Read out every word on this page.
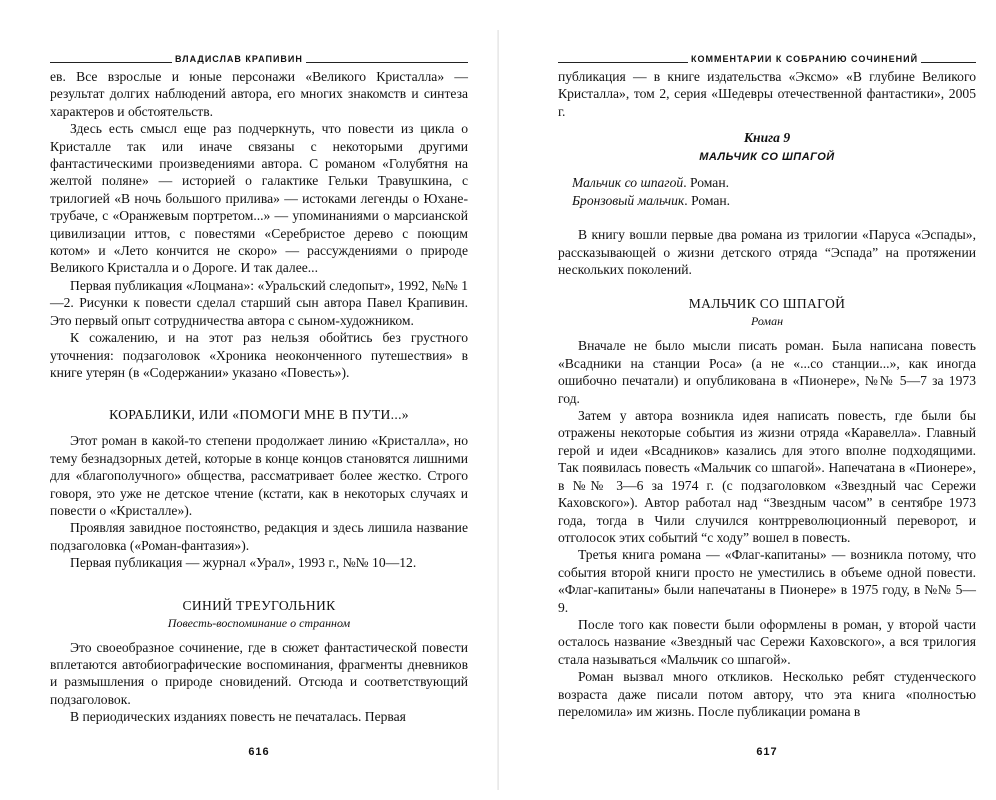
ВЛАДИСЛАВ КРАПИВИН

ев. Все взрослые и юные персонажи «Великого Кристалла» — результат долгих наблюдений автора, его многих знакомств и синтеза характеров и обстоятельств.

Здесь есть смысл еще раз подчеркнуть, что повести из цикла о Кристалле так или иначе связаны с некоторыми другими фантастическими произведениями автора. С романом «Голубятня на желтой поляне» — историей о галактике Гельки Травушкина, с трилогией «В ночь большого прилива» — истоками легенды о Юхане-трубаче, с «Оранжевым портретом...» — упоминаниями о марсианской цивилизации иттов, с повестями «Серебристое дерево с поющим котом» и «Лето кончится не скоро» — рассуждениями о природе Великого Кристалла и о Дороге. И так далее...

Первая публикация «Лоцмана»: «Уральский следопыт», 1992, №№ 1—2. Рисунки к повести сделал старший сын автора Павел Крапивин. Это первый опыт сотрудничества автора с сыном-художником.

К сожалению, и на этот раз нельзя обойтись без грустного уточнения: подзаголовок «Хроника неоконченного путешествия» в книге утерян (в «Содержании» указано «Повесть»).

КОРАБЛИКИ, ИЛИ «ПОМОГИ МНЕ В ПУТИ...»

Этот роман в какой-то степени продолжает линию «Кристалла», но тему безнадзорных детей, которые в конце концов становятся лишними для «благополучного» общества, рассматривает более жестко. Строго говоря, это уже не детское чтение (кстати, как в некоторых случаях и повести о «Кристалле»).

Проявляя завидное постоянство, редакция и здесь лишила название подзаголовка («Роман-фантазия»).

Первая публикация — журнал «Урал», 1993 г., №№ 10—12.

СИНИЙ ТРЕУГОЛЬНИК
Повесть-воспоминание о странном

Это своеобразное сочинение, где в сюжет фантастической повести вплетаются автобиографические воспоминания, фрагменты дневников и размышления о природе сновидений. Отсюда и соответствующий подзаголовок.

В периодических изданиях повесть не печаталась. Первая

616
КОММЕНТАРИИ К СОБРАНИЮ СОЧИНЕНИЙ

публикация — в книге издательства «Эксмо» «В глубине Великого Кристалла», том 2, серия «Шедевры отечественной фантастики», 2005 г.

Книга 9
МАЛЬЧИК СО ШПАГОЙ
Мальчик со шпагой. Роман.
Бронзовый мальчик. Роман.

В книгу вошли первые два романа из трилогии «Паруса «Эспады», рассказывающей о жизни детского отряда “Эспада” на протяжении нескольких поколений.

МАЛЬЧИК СО ШПАГОЙ
Роман

Вначале не было мысли писать роман. Была написана повесть «Всадники на станции Роса» (а не «...со станции...», как иногда ошибочно печатали) и опубликована в «Пионере», №№ 5—7 за 1973 год.

Затем у автора возникла идея написать повесть, где были бы отражены некоторые события из жизни отряда «Каравелла». Главный герой и идеи «Всадников» казались для этого вполне подходящими. Так появилась повесть «Мальчик со шпагой». Напечатана в «Пионере», в №№ 3—6 за 1974 г. (с подзаголовком «Звездный час Сережи Каховского»). Автор работал над “Звездным часом” в сентябре 1973 года, тогда в Чили случился контрреволюционный переворот, и отголосок этих событий “с ходу” вошел в повесть.

Третья книга романа — «Флаг-капитаны» — возникла потому, что события второй книги просто не уместились в объеме одной повести. «Флаг-капитаны» были напечатаны в Пионере» в 1975 году, в №№ 5—9.

После того как повести были оформлены в роман, у второй части осталось название «Звездный час Сережи Каховского», а вся трилогия стала называться «Мальчик со шпагой».

Роман вызвал много откликов. Несколько ребят студенческого возраста даже писали потом автору, что эта книга «полностью переломила» им жизнь. После публикации романа в

617
